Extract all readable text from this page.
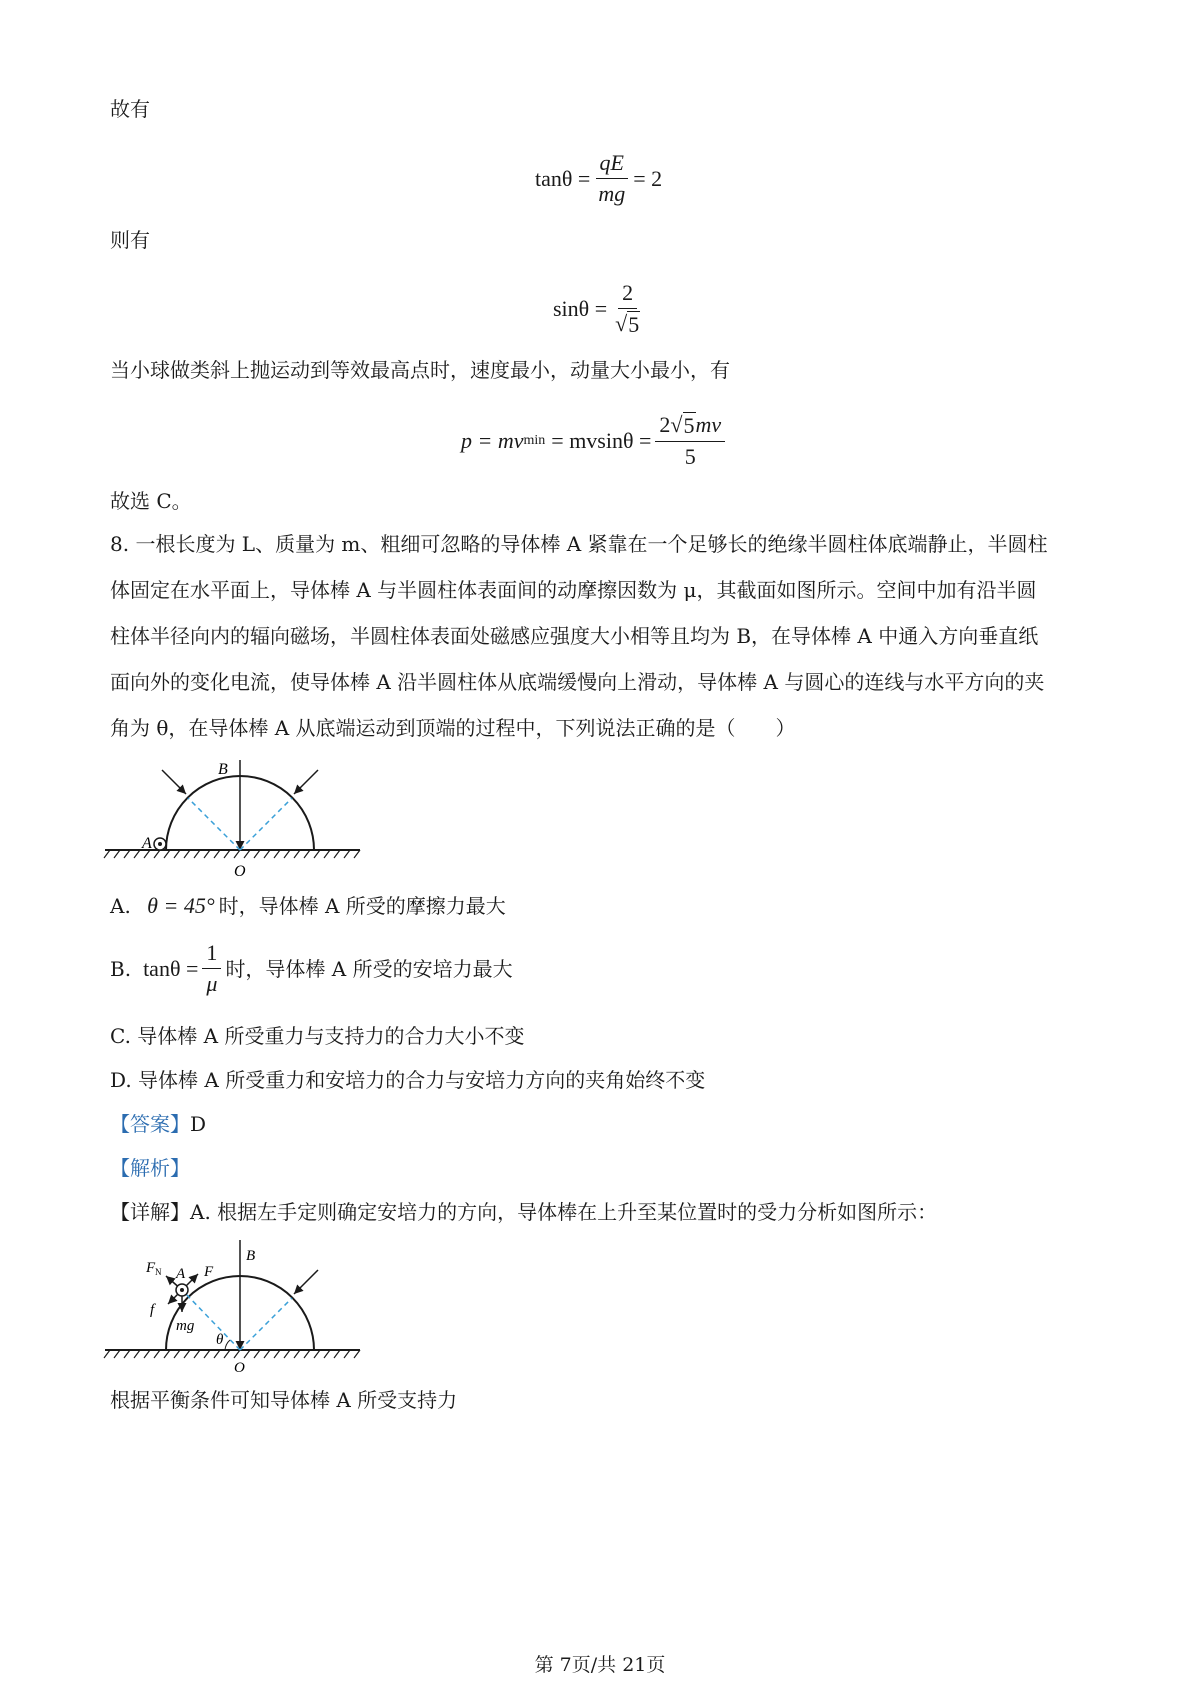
故有
$\tan\theta = \frac{qE}{mg} = 2$
则有
$\sin\theta = \frac{2}{√ 5}$
当小球做类斜上抛运动到等效最高点时，速度最小，动量大小最小，有
p = mv $\min = mvsin\theta = \frac{2√ 5 mv}{5}$
故选 C。
8. 一根长度为 L、质量为 m、粗细可忽略的导体棒 A 紧靠在一个足够长的绝缘半圆柱体底端静止，半圆柱
体固定在水平面上，导体棒 A 与半圆柱体表面间的动摩擦因数为 μ，其截面如图所示。空间中加有沿半圆
柱体半径向内的辐向磁场，半圆柱体表面处磁感应强度大小相等且均为 B，在导体棒 A 中通入方向垂直纸
面向外的变化电流，使导体棒 A 沿半圆柱体从底端缓慢向上滑动，导体棒 A 与圆心的连线与水平方向的夹
角为 θ，在导体棒 A 从底端运动到顶端的过程中，下列说法正确的是（　　）
B
A
O
A. θ = 45° 时，导体棒 A 所受的摩擦力最大
B. $\tan\theta = \frac{1}{\mu}$ 时，导体棒 A 所受的安培力最大
C. 导体棒 A 所受重力与支持力的合力大小不变
D. 导体棒 A 所受重力和安培力的合力与安培力方向的夹角始终不变
【答案】D
【解析】
【详解】A. 根据左手定则确定安培力的方向，导体棒在上升至某位置时的受力分析如图所示：
F N A F
f
mg
θ
B
O
根据平衡条件可知导体棒 A 所受支持力
第 7页/共 21页
